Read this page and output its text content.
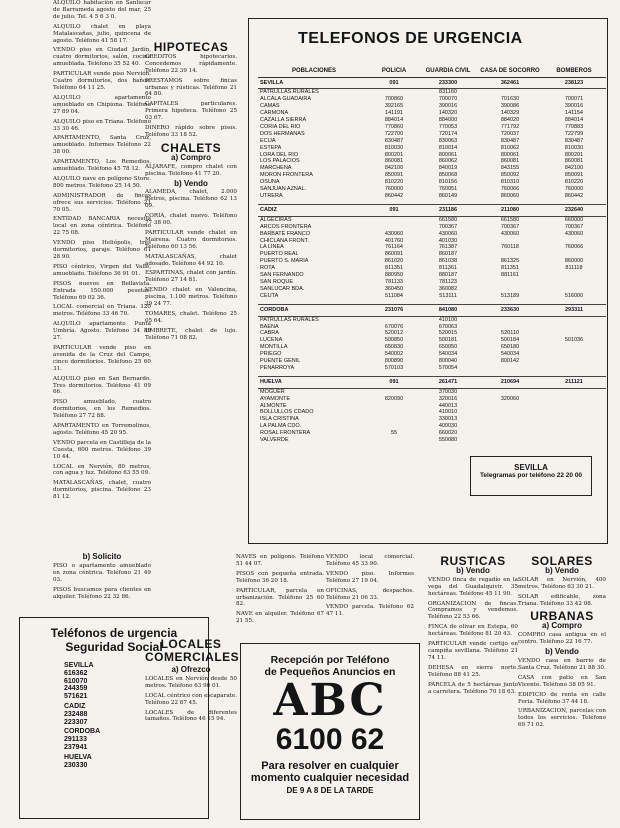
ALQUILO habitación en Sanlúcar de Barrameda agosto del mar, 25 de julio. Tel. 4 5 6 3 0.

ALQUILO chalet en playa Matalascañas, julio, quincena de agosto. Teléfono 41 58 17.

VENDO piso en Ciudad Jardín, cuatro dormitorios, salón, cocina amueblada. Teléfono 35 52 40.

PARTICULAR vende piso Nervión. Cuatro dormitorios, dos baños. Teléfono 64 11 25.

ALQUILO apartamento amueblado en Chipiona. Teléfono 27 89 04.

ALQUILO piso en Triana. Teléfono 33 30 46.

APARTAMENTO, Santa Cruz, amueblado. Informes Teléfono 22 38 00.

APARTAMENTO, Los Remedios, amueblado. Teléfono 45 78 12.

ALQUILO nave en polígono Store. 800 metros. Teléfono 25 14 50.

ADMINISTRADOR de fincas ofrece sus servicios. Teléfono 21 70 05.

ENTIDAD BANCARIA necesita local en zona céntrica. Teléfono 22 75 08.

VENDO piso Heliópolis, tres dormitorios, garaje. Teléfono 61 28 90.

PISO céntrico, Virgen del Valle, amueblado. Teléfono 36 91 01.

PISOS nuevos en Bellavista. Entrada 150.000 pesetas. Teléfono 69 02 36.

LOCAL comercial en Triana. 120 metros. Teléfono 33 46 70.

ALQUILO apartamento Punta Umbría. Agosto. Teléfono 34 89 27.

PARTICULAR vende piso en avenida de la Cruz del Campo, cinco dormitorios. Teléfono 25 60 31.

ALQUILO piso en San Bernardo. Tres dormitorios. Teléfono 41 09 66.

PISO amueblado, cuatro dormitorios, en los Remedios. Teléfono 27 72 88.

APARTAMENTO en Torremolinos, agosto. Teléfono 45 20 95.

VENDO parcela en Castilleja de la Cuesta, 600 metros. Teléfono 39 10 44.

LOCAL en Nervión, 80 metros, con agua y luz. Teléfono 63 55 09.

MATALASCAÑAS, chalet, cuatro dormitorios, piscina. Teléfono 23 81 12.

b) Solicito

PISO o apartamento amueblado en zona céntrica. Teléfono 21 49 03.

PISOS buscamos para clientes en alquiler. Teléfono 22 32 86.

Teléfonos de urgencia Seguridad Social
SEVILLA
616362
610070
244359
571621
CADIZ
232488
223307
CORDOBA
291133
237941
HUELVA
230330
HIPOTECAS

CREDITOS hipotecarios. Concedemos rápidamente. Teléfono 22 39 14.

PRESTAMOS sobre fincas urbanas y rústicas. Teléfono 21 64 80.

CAPITALES particulares. Primera hipoteca. Teléfono 25 03 67.

DINERO rápido sobre pisos. Teléfono 33 18 52.

CHALETS
a) Compro

ALJARAFE, compro chalet con piscina. Teléfono 41 77 20.

b) Vendo

ALAMEDA, chalet, 2.000 metros, piscina. Teléfono 62 13 09.

CORIA, chalet nuevo. Teléfono 77 38 00.

PARTICULAR vende chalet en Mairena. Cuatro dormitorios. Teléfono 60 13 56.

MATALASCAÑAS, chalet adosado. Teléfono 44 92 10.

ESPARTINAS, chalet con jardín. Teléfono 27 14 81.

VENDO chalet en Valencina, piscina, 1.100 metros. Teléfono 39 24 77.

TOMARES, chalet. Teléfono 25 05 64.

UMBRETE, chalet de lujo. Teléfono 71 08 82.

LOCALES COMERCIALES
a) Ofrezco

LOCALES en Nervión desde 50 metros. Teléfono 63 90 01.

LOCAL céntrico con escaparate. Teléfono 22 87 45.

LOCALES de diferentes tamaños. Teléfono 46 15 94.

NAVES en polígono. Teléfono 51 44 07.

PISOS con pequeña entrada. Teléfono 36 20 18.

PARTICULAR, parcela en urbanización. Teléfono 25 60 82.

NAVE en alquiler. Teléfono 67 21 55.

VENDO local comercial. Teléfono 45 33 90.

VENDO piso. Informes Teléfono 27 19 04.

OFICINAS, despachos. Teléfono 21 06 33.

VENDO parcela. Teléfono 62 47 11.

TELEFONOS DE URGENCIA
POBLACIONES	POLICIA	GUARDIA CIVIL	CASA DE SOCORRO	BOMBEROS
SEVILLA	091	233300	362461	238123
PATRULLAS RURALES		831160		
ALCALA GUADAIRA	700860	700070	701630	700071
CAMAS	392165	390016	390086	390016
CARMONA	141191	140320	140329	141154
CAZALLA SIERRA	884014	884000	884020	884014
CORIA DEL RIO	770860	770053	771792	770883
DOS HERMANAS	722700	720174	720037	722799
ECIJA	830487	830063	830487	830487
ESTEPA	810030	810014	810062	810030
LORA DEL RIO	800201	800061	800061	800201
LOS PALACIOS	860081	860062	860081	860081
MARCHENA	842100	840019	843155	842100
MORON FRONTERA	850091	850068	850092	850091
OSUNA	810220	810156	810310	810220
SANJUAN AZNAL.	760000	760051	760066	760000
UTRERA	860442	860149	860060	860442

CADIZ	091	231186	211080	232640
ALGECIRAS		661580	661580	660000
ARCOS FRONTERA		700367	700367	700367
BARBATE FRANCO	430060	430060	430060	430060
CHICLANA FRONT.	401760	401030		
LA LINEA	761164	761387	760118	760066
PUERTO REAL	860091	860187		
PUERTO S. MARIA	861020	861038	861325	860000
ROTA	811351	811361	811351	811118
SAN FERNANDO	880950	880187	881161	
SAN ROQUE	781133	781123		
SANLUCAR BDA.	360450	360082		
CEUTA	511084	513111	513189	516000

CORDOBA	231076	841080	233630	293311
PATRULLAS RURALES		410100		
BAENA	670076	670063		
CABRA	520012	520015	520110	
LUCENA	500850	500181	500184	501036
MONTILLA	650830	650050	650180	
PRIEGO	540002	540034	540034	
PUENTE GENIL	800890	800040	800142	
PENARROYA	570103	570054		

HUELVA	091	261471	210694	211121
MOGUER		370030		
AYAMONTE	820090	320016	320060	
ALMONTE		440013		
BOLLULLOS CDADO		410010		
ISLA CRISTINA		330013		
LA PALMA CDO.		400030		
ROSAL FRONTERA	55	660020		
VALVERDE		550080		

SEVILLA
Telegramas por teléfono 22 20 00
Recepción por Teléfono
de Pequeños Anuncios en
ABC
6100 62
Para resolver en cualquier
momento cualquier necesidad
DE 9 A 8 DE LA TARDE
RUSTICAS
b) Vendo

VENDO finca de regadío en la vega del Guadalquivir. 35 hectáreas. Teléfono 45 11 90.

ORGANIZACION de fincas. Compramos y vendemos. Teléfono 22 53 66.

FINCA de olivar en Estepa, 60 hectáreas. Teléfono 81 20 43.

PARTICULAR vende cortijo en campiña sevillana. Teléfono 21 74 11.

DEHESA en sierra norte. Teléfono 88 41 25.

PARCELA de 5 hectáreas junto a carretera. Teléfono 70 18 63.

SOLARES
b) Vendo

SOLAR en Nervión, 400 metros. Teléfono 63 30 21.

SOLAR edificable, zona Triana. Teléfono 33 42 08.

URBANAS
a) Compro

COMPRO casa antigua en el centro. Teléfono 22 16 77.

b) Vendo

VENDO casa en barrio de Santa Cruz. Teléfono 21 88 30.

CASA con patio en San Vicente. Teléfono 38 05 91.

EDIFICIO de renta en calle Feria. Teléfono 37 44 18.

URBANIZACION, parcelas con todos los servicios. Teléfono 69 71 02.
